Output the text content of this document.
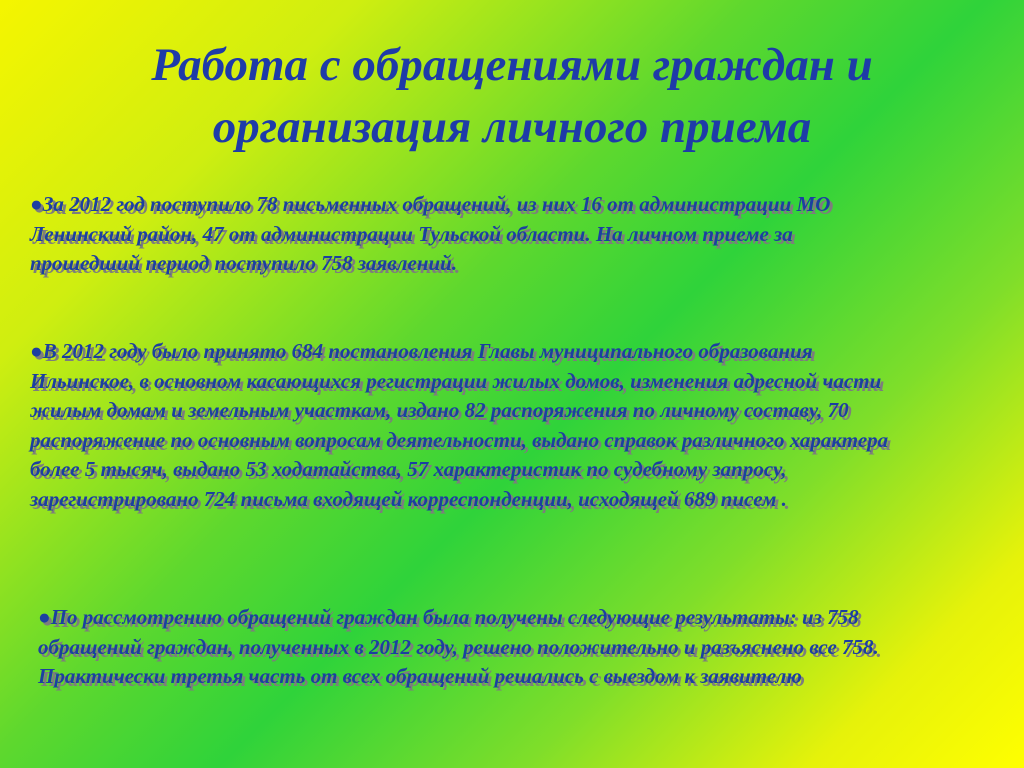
Работа с обращениями граждан и организация личного приема

●За 2012 год поступило 78 письменных обращений, из них 16 от администрации МО Ленинский район, 47 от администрации Тульской области. На личном приеме за прошедший период поступило 758 заявлений.

●В 2012 году было принято 684 постановления Главы муниципального образования Ильинское, в основном касающихся регистрации жилых домов, изменения адресной части жилым домам и земельным участкам, издано 82 распоряжения по личному составу, 70 распоряжение по основным вопросам деятельности, выдано справок различного характера более 5 тысяч, выдано 53 ходатайства, 57 характеристик по судебному запросу, зарегистрировано 724 письма входящей корреспонденции, исходящей 689 писем .

●По рассмотрению обращений граждан была получены следующие результаты: из 758 обращений граждан, полученных в 2012 году, решено положительно и разъяснено все 758. Практически третья часть от всех обращений решались с выездом к заявителю
